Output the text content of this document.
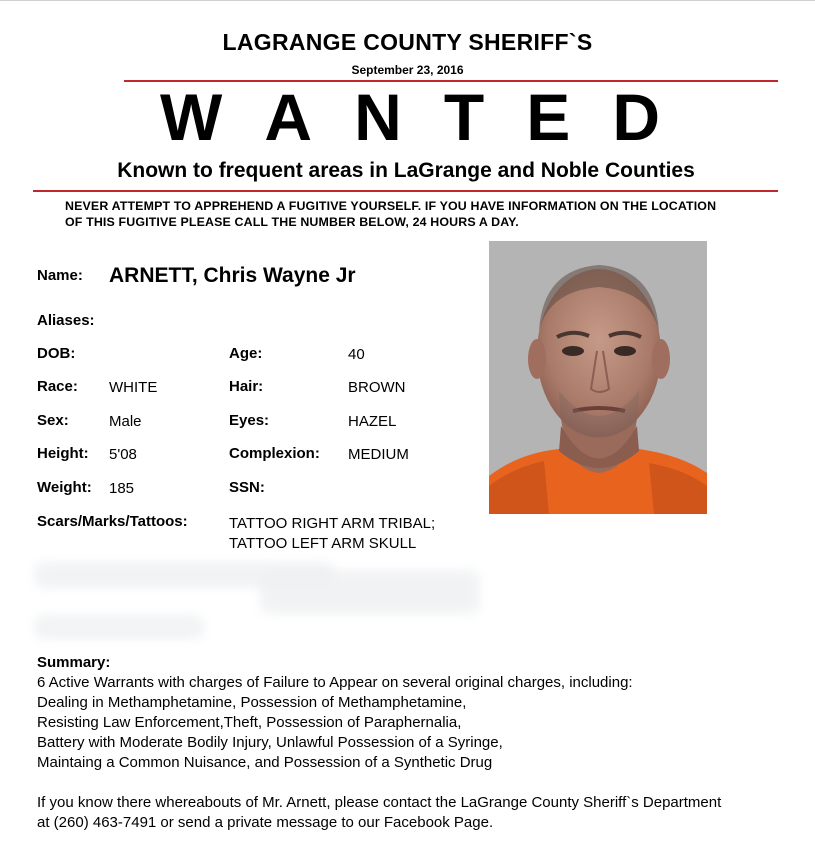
LAGRANGE COUNTY SHERIFF`S
September 23, 2016
W A N T E D
Known to frequent areas in LaGrange and Noble Counties
NEVER ATTEMPT TO APPREHEND A FUGITIVE YOURSELF. IF YOU HAVE INFORMATION ON THE LOCATION
OF THIS FUGITIVE PLEASE CALL THE NUMBER BELOW, 24 HOURS A DAY.
Name: ARNETT, Chris Wayne Jr
Aliases:
DOB:	Age:	40
Race: WHITE	Hair:	BROWN
Sex:	Male	Eyes:	HAZEL
Height: 5'08	Complexion: MEDIUM
Weight: 185	SSN:
Scars/Marks/Tattoos:	TATTOO RIGHT ARM TRIBAL;
TATTOO LEFT ARM SKULL
Summary:
6 Active Warrants with charges of Failure to Appear on several original charges, including:
Dealing in Methamphetamine, Possession of Methamphetamine,
Resisting Law Enforcement,Theft, Possession of Paraphernalia,
Battery with Moderate Bodily Injury, Unlawful Possession of a Syringe,
Maintaing a Common Nuisance, and Possession of a Synthetic Drug
If you know there whereabouts of Mr. Arnett, please contact the LaGrange County Sheriff`s Department
at (260) 463-7491 or send a private message to our Facebook Page.
